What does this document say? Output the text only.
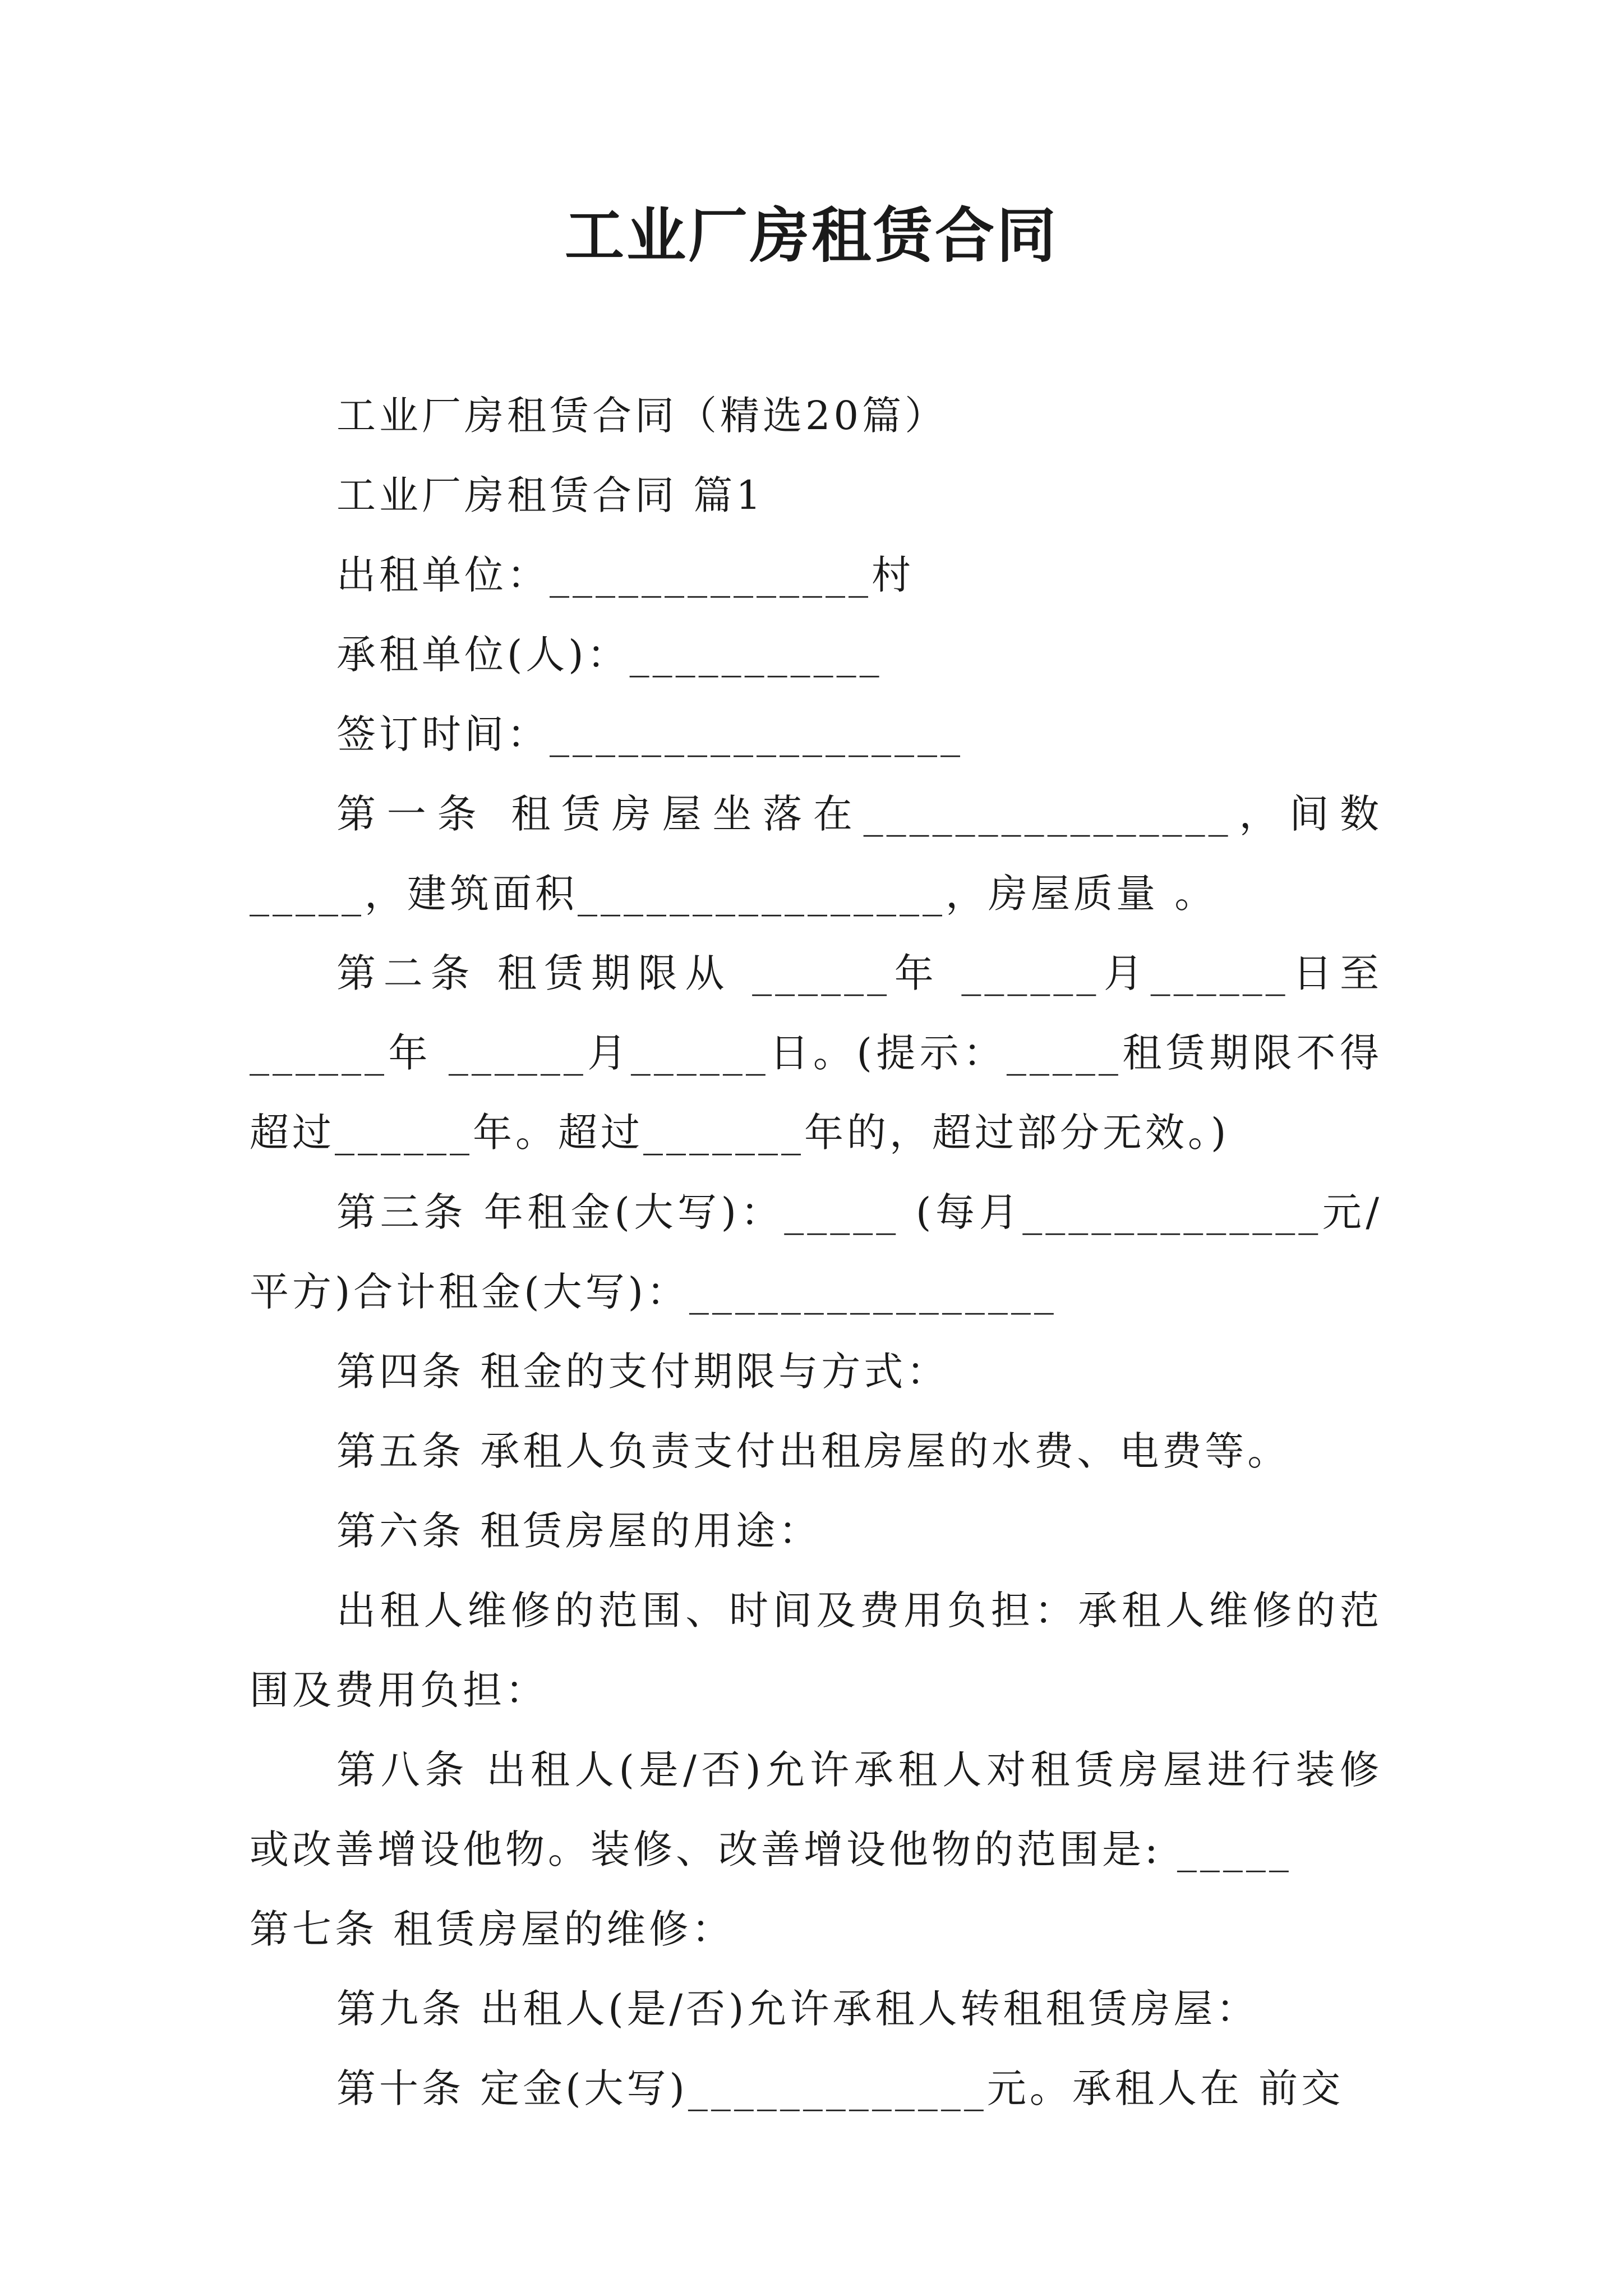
工业厂房租赁合同

工业厂房租赁合同（精选20篇）

工业厂房租赁合同 篇1

出租单位：______________村

承租单位(人)：___________

签订时间：__________________

第一条 租赁房屋坐落在________________，间数_____，建筑面积________________，房屋质量 。

第二条 租赁期限从 ______年 ______月______日至 ______年 ______月______日。(提示：_____租赁期限不得超过______年。超过_______年的，超过部分无效。)

第三条 年租金(大写)：_____ (每月_____________元/平方)合计租金(大写)：________________

第四条 租金的支付期限与方式：

第五条 承租人负责支付出租房屋的水费、电费等。

第六条 租赁房屋的用途：

出租人维修的范围、时间及费用负担：承租人维修的范围及费用负担：

第八条 出租人(是/否)允许承租人对租赁房屋进行装修或改善增设他物。装修、改善增设他物的范围是: _____

第七条 租赁房屋的维修：

第九条 出租人(是/否)允许承租人转租租赁房屋：

第十条 定金(大写)_____________元。承租人在 前交
